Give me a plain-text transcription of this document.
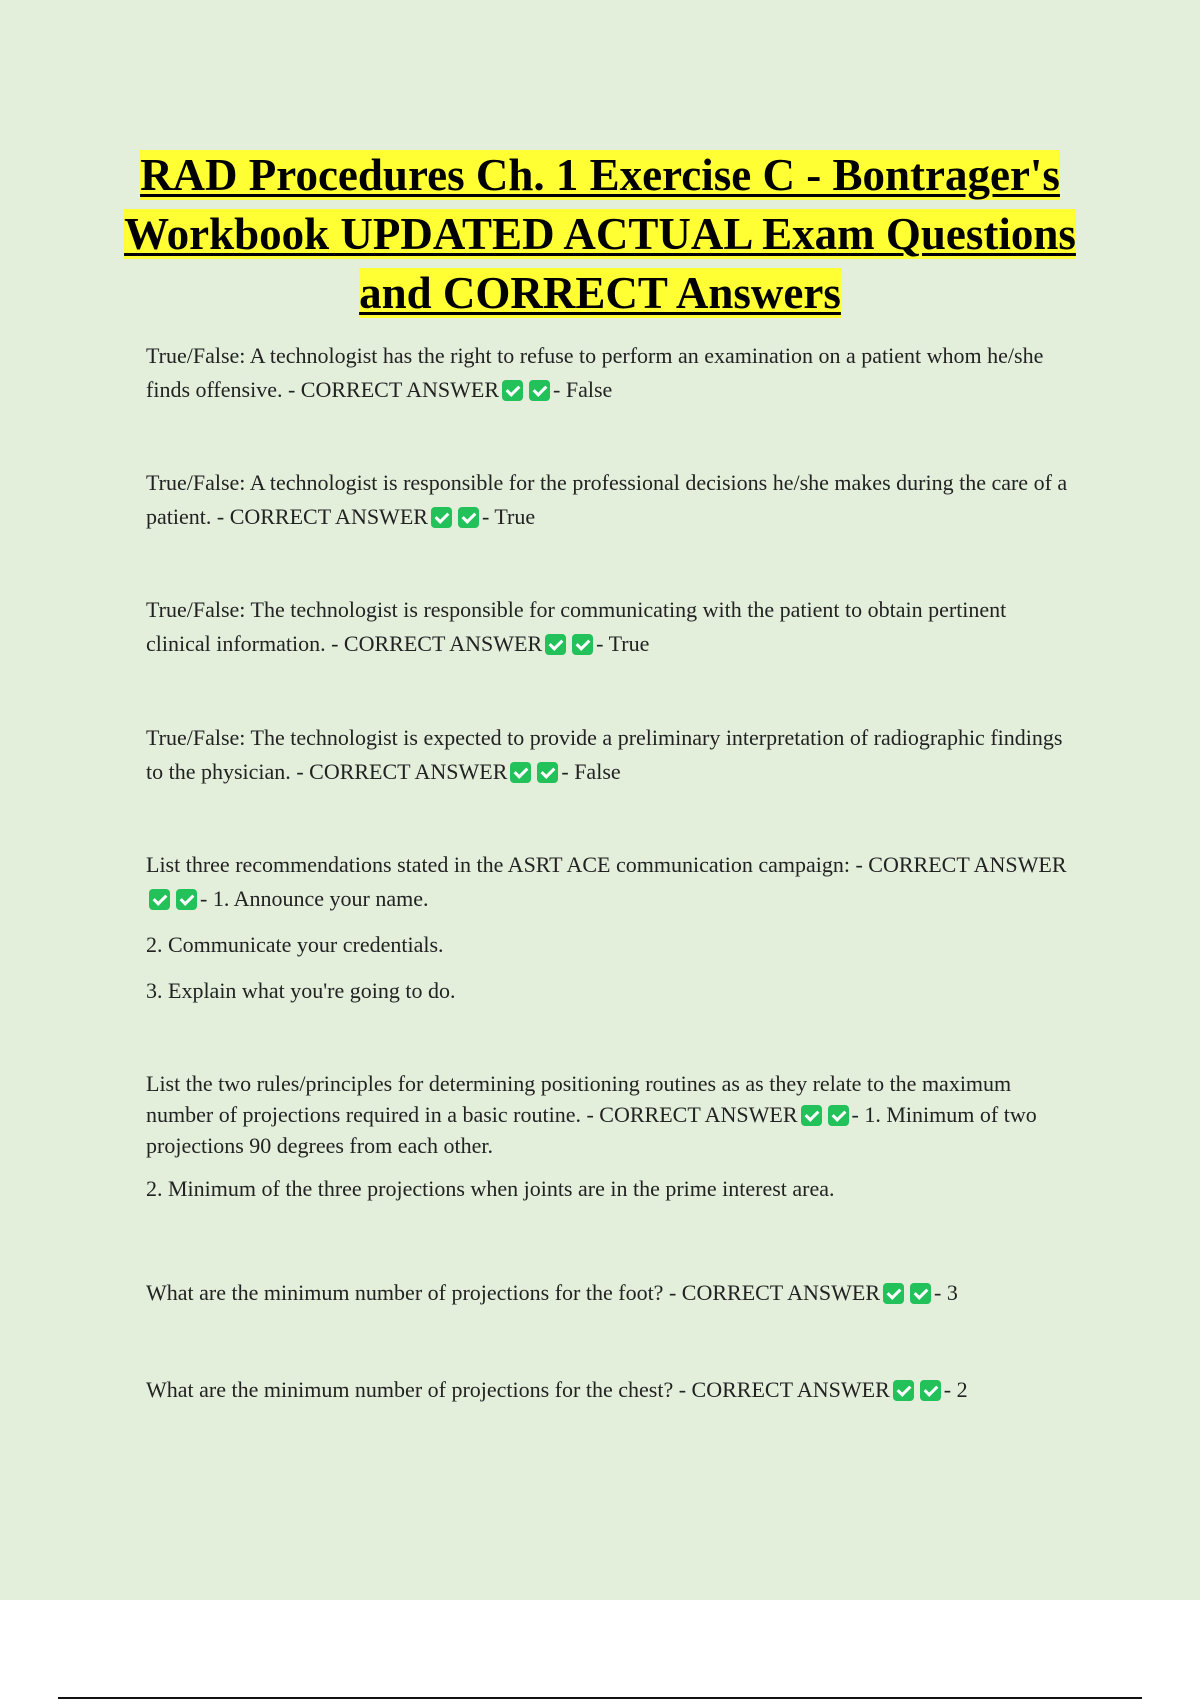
RAD Procedures Ch. 1 Exercise C - Bontrager's Workbook UPDATED ACTUAL Exam Questions and CORRECT Answers

True/False: A technologist has the right to refuse to perform an examination on a patient whom he/she finds offensive. - CORRECT ANSWER - False

True/False: A technologist is responsible for the professional decisions he/she makes during the care of a patient. - CORRECT ANSWER - True

True/False: The technologist is responsible for communicating with the patient to obtain pertinent clinical information. - CORRECT ANSWER - True

True/False: The technologist is expected to provide a preliminary interpretation of radiographic findings to the physician. - CORRECT ANSWER - False

List three recommendations stated in the ASRT ACE communication campaign: - CORRECT ANSWER- 1. Announce your name.

2. Communicate your credentials.

3. Explain what you're going to do.

List the two rules/principles for determining positioning routines as as they relate to the maximum number of projections required in a basic routine. - CORRECT ANSWER - 1. Minimum of two projections 90 degrees from each other.

2. Minimum of the three projections when joints are in the prime interest area.

What are the minimum number of projections for the foot? - CORRECT ANSWER - 3

What are the minimum number of projections for the chest? - CORRECT ANSWER - 2
